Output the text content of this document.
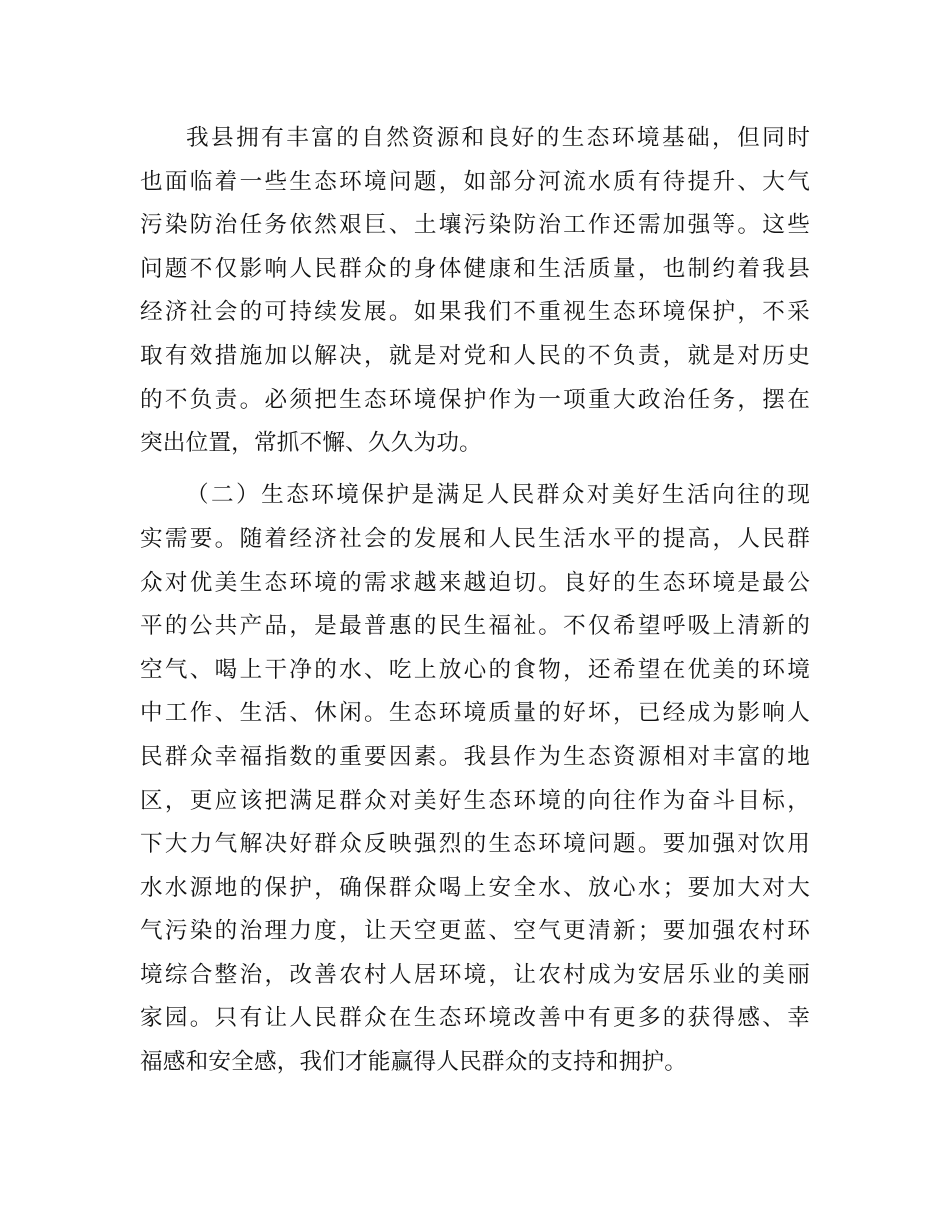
我县拥有丰富的自然资源和良好的生态环境基础，但同时
也面临着一些生态环境问题，如部分河流水质有待提升、大气
污染防治任务依然艰巨、土壤污染防治工作还需加强等。这些
问题不仅影响人民群众的身体健康和生活质量，也制约着我县
经济社会的可持续发展。如果我们不重视生态环境保护，不采
取有效措施加以解决，就是对党和人民的不负责，就是对历史
的不负责。必须把生态环境保护作为一项重大政治任务，摆在
突出位置，常抓不懈、久久为功。

（二）生态环境保护是满足人民群众对美好生活向往的现
实需要。随着经济社会的发展和人民生活水平的提高，人民群
众对优美生态环境的需求越来越迫切。良好的生态环境是最公
平的公共产品，是最普惠的民生福祉。不仅希望呼吸上清新的
空气、喝上干净的水、吃上放心的食物，还希望在优美的环境
中工作、生活、休闲。生态环境质量的好坏，已经成为影响人
民群众幸福指数的重要因素。我县作为生态资源相对丰富的地
区，更应该把满足群众对美好生态环境的向往作为奋斗目标，
下大力气解决好群众反映强烈的生态环境问题。要加强对饮用
水水源地的保护，确保群众喝上安全水、放心水；要加大对大
气污染的治理力度，让天空更蓝、空气更清新；要加强农村环
境综合整治，改善农村人居环境，让农村成为安居乐业的美丽
家园。只有让人民群众在生态环境改善中有更多的获得感、幸
福感和安全感，我们才能赢得人民群众的支持和拥护。
